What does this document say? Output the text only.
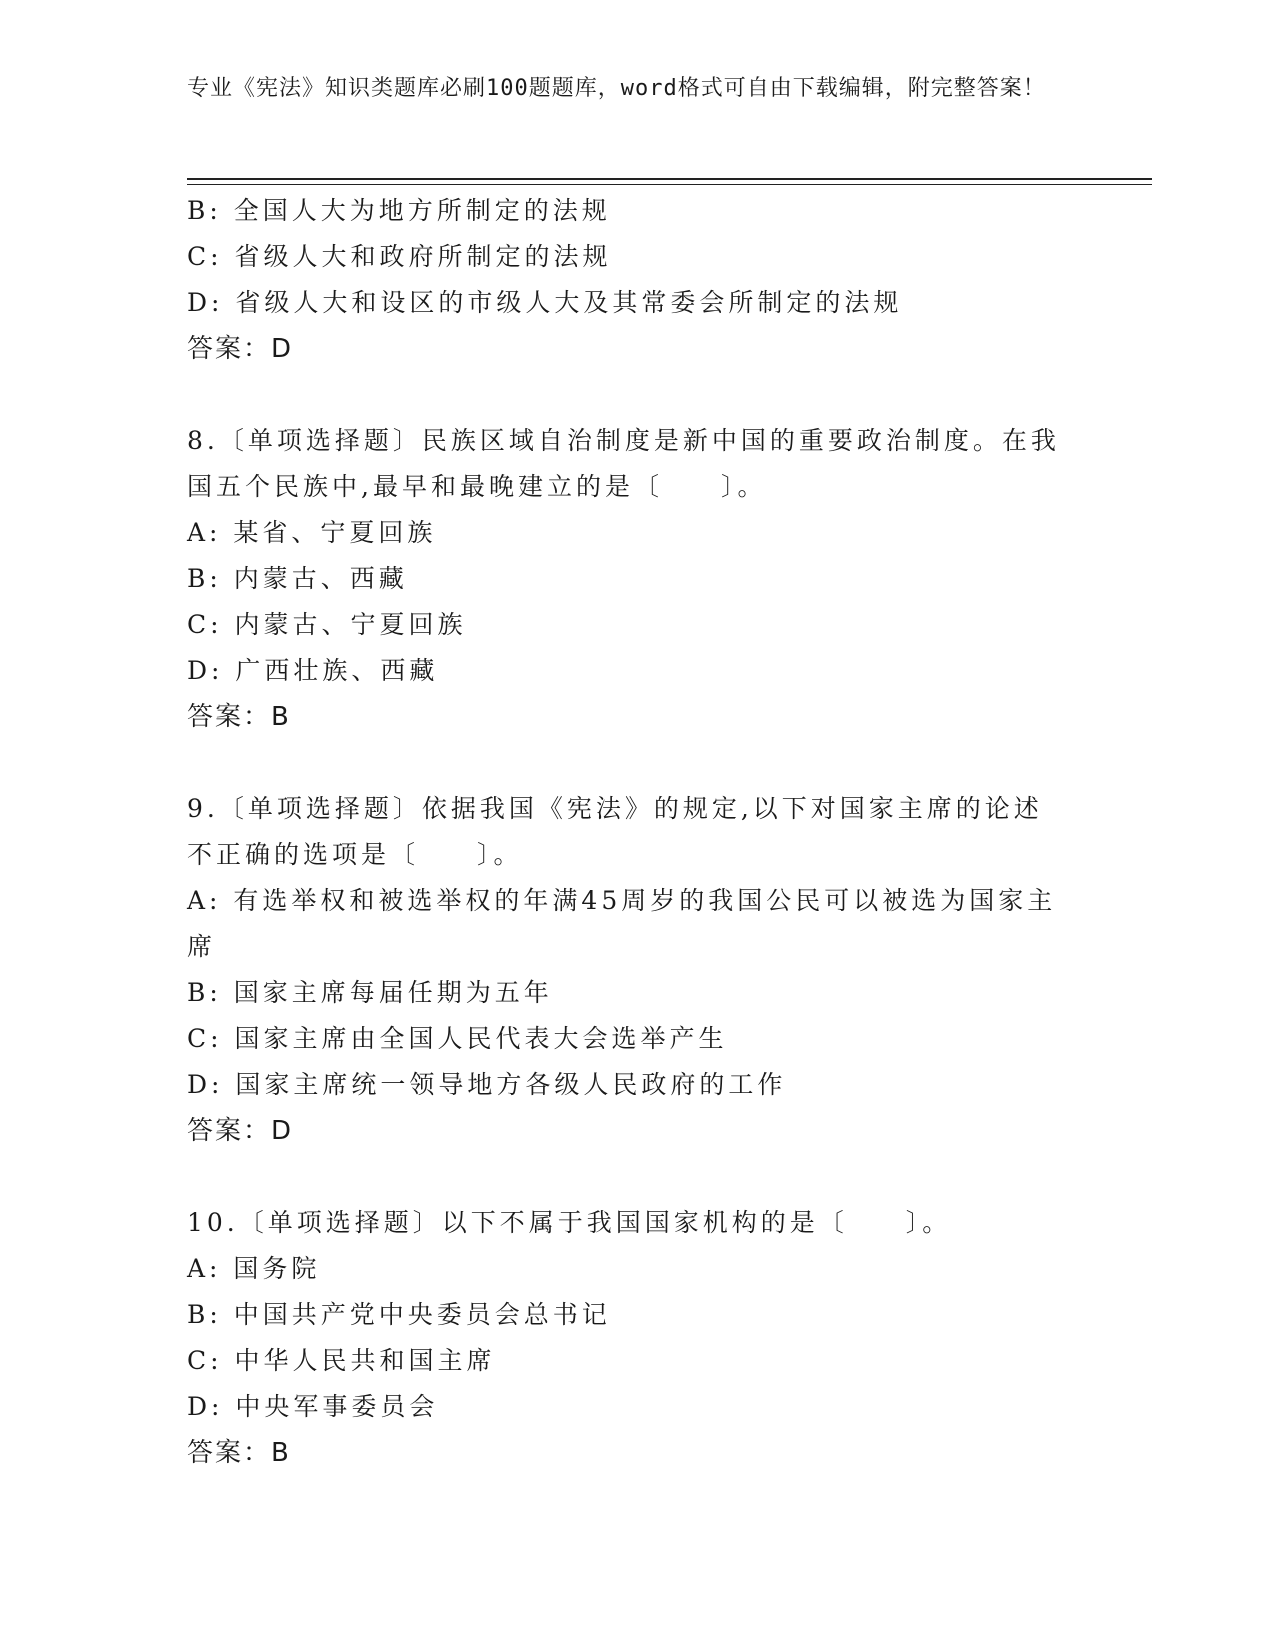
专业《宪法》知识类题库必刷100题题库，word格式可自由下载编辑，附完整答案！
B: 全国人大为地方所制定的法规
C: 省级人大和政府所制定的法规
D: 省级人大和设区的市级人大及其常委会所制定的法规
答案：D
8.〔单项选择题〕民族区域自治制度是新中国的重要政治制度。在我国五个民族中,最早和最晚建立的是〔　　〕。
A: 某省、宁夏回族
B: 内蒙古、西藏
C: 内蒙古、宁夏回族
D: 广西壮族、西藏
答案：B
9.〔单项选择题〕依据我国《宪法》的规定,以下对国家主席的论述不正确的选项是〔　　〕。
A: 有选举权和被选举权的年满45周岁的我国公民可以被选为国家主席
B: 国家主席每届任期为五年
C: 国家主席由全国人民代表大会选举产生
D: 国家主席统一领导地方各级人民政府的工作
答案：D
10.〔单项选择题〕以下不属于我国国家机构的是〔　　〕。
A: 国务院
B: 中国共产党中央委员会总书记
C: 中华人民共和国主席
D: 中央军事委员会
答案：B
